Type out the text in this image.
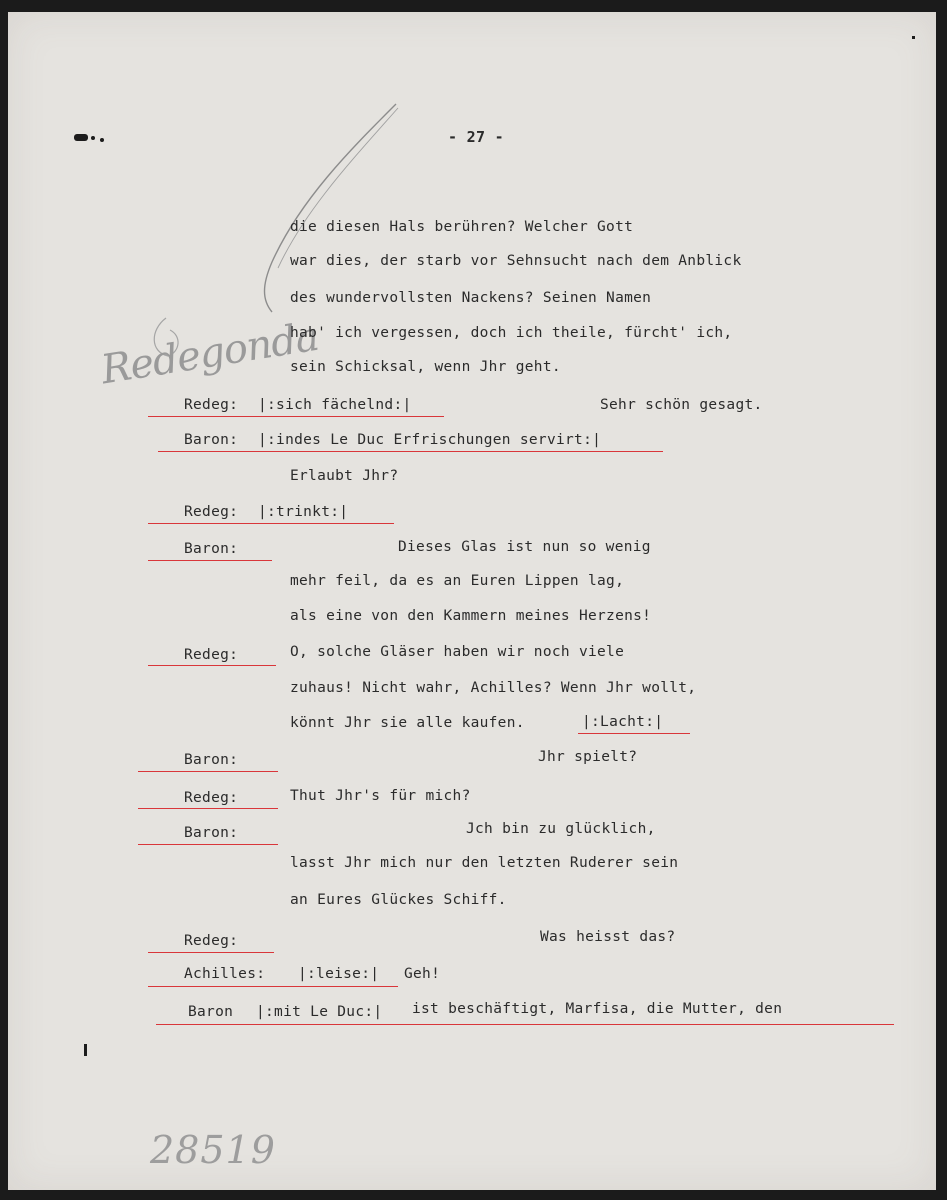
Redegonda
28519
- 27 -
die diesen Hals berühren? Welcher Gott
war dies, der starb vor Sehnsucht nach dem Anblick
des wundervollsten Nackens? Seinen Namen
hab' ich vergessen, doch ich theile, fürcht' ich,
sein Schicksal, wenn Jhr geht.
Redeg: |:sich fächelnd:|	Sehr schön gesagt.
Baron: |:indes Le Duc Erfrischungen servirt:|
Erlaubt Jhr?
Redeg: |:trinkt:|
Baron:	Dieses Glas ist nun so wenig
mehr feil, da es an Euren Lippen lag,
als eine von den Kammern meines Herzens!
Redeg:	O, solche Gläser haben wir noch viele
zuhaus! Nicht wahr, Achilles? Wenn Jhr wollt,
könnt Jhr sie alle kaufen.	|:Lacht:|
Baron:	Jhr spielt?
Redeg:	Thut Jhr's für mich?
Baron:	Jch bin zu glücklich,
lasst Jhr mich nur den letzten Ruderer sein
an Eures Glückes Schiff.
Redeg:	Was heisst das?
Achilles: |:leise:| Geh!
Baron |:mit Le Duc:| ist beschäftigt, Marfisa, die Mutter, den
